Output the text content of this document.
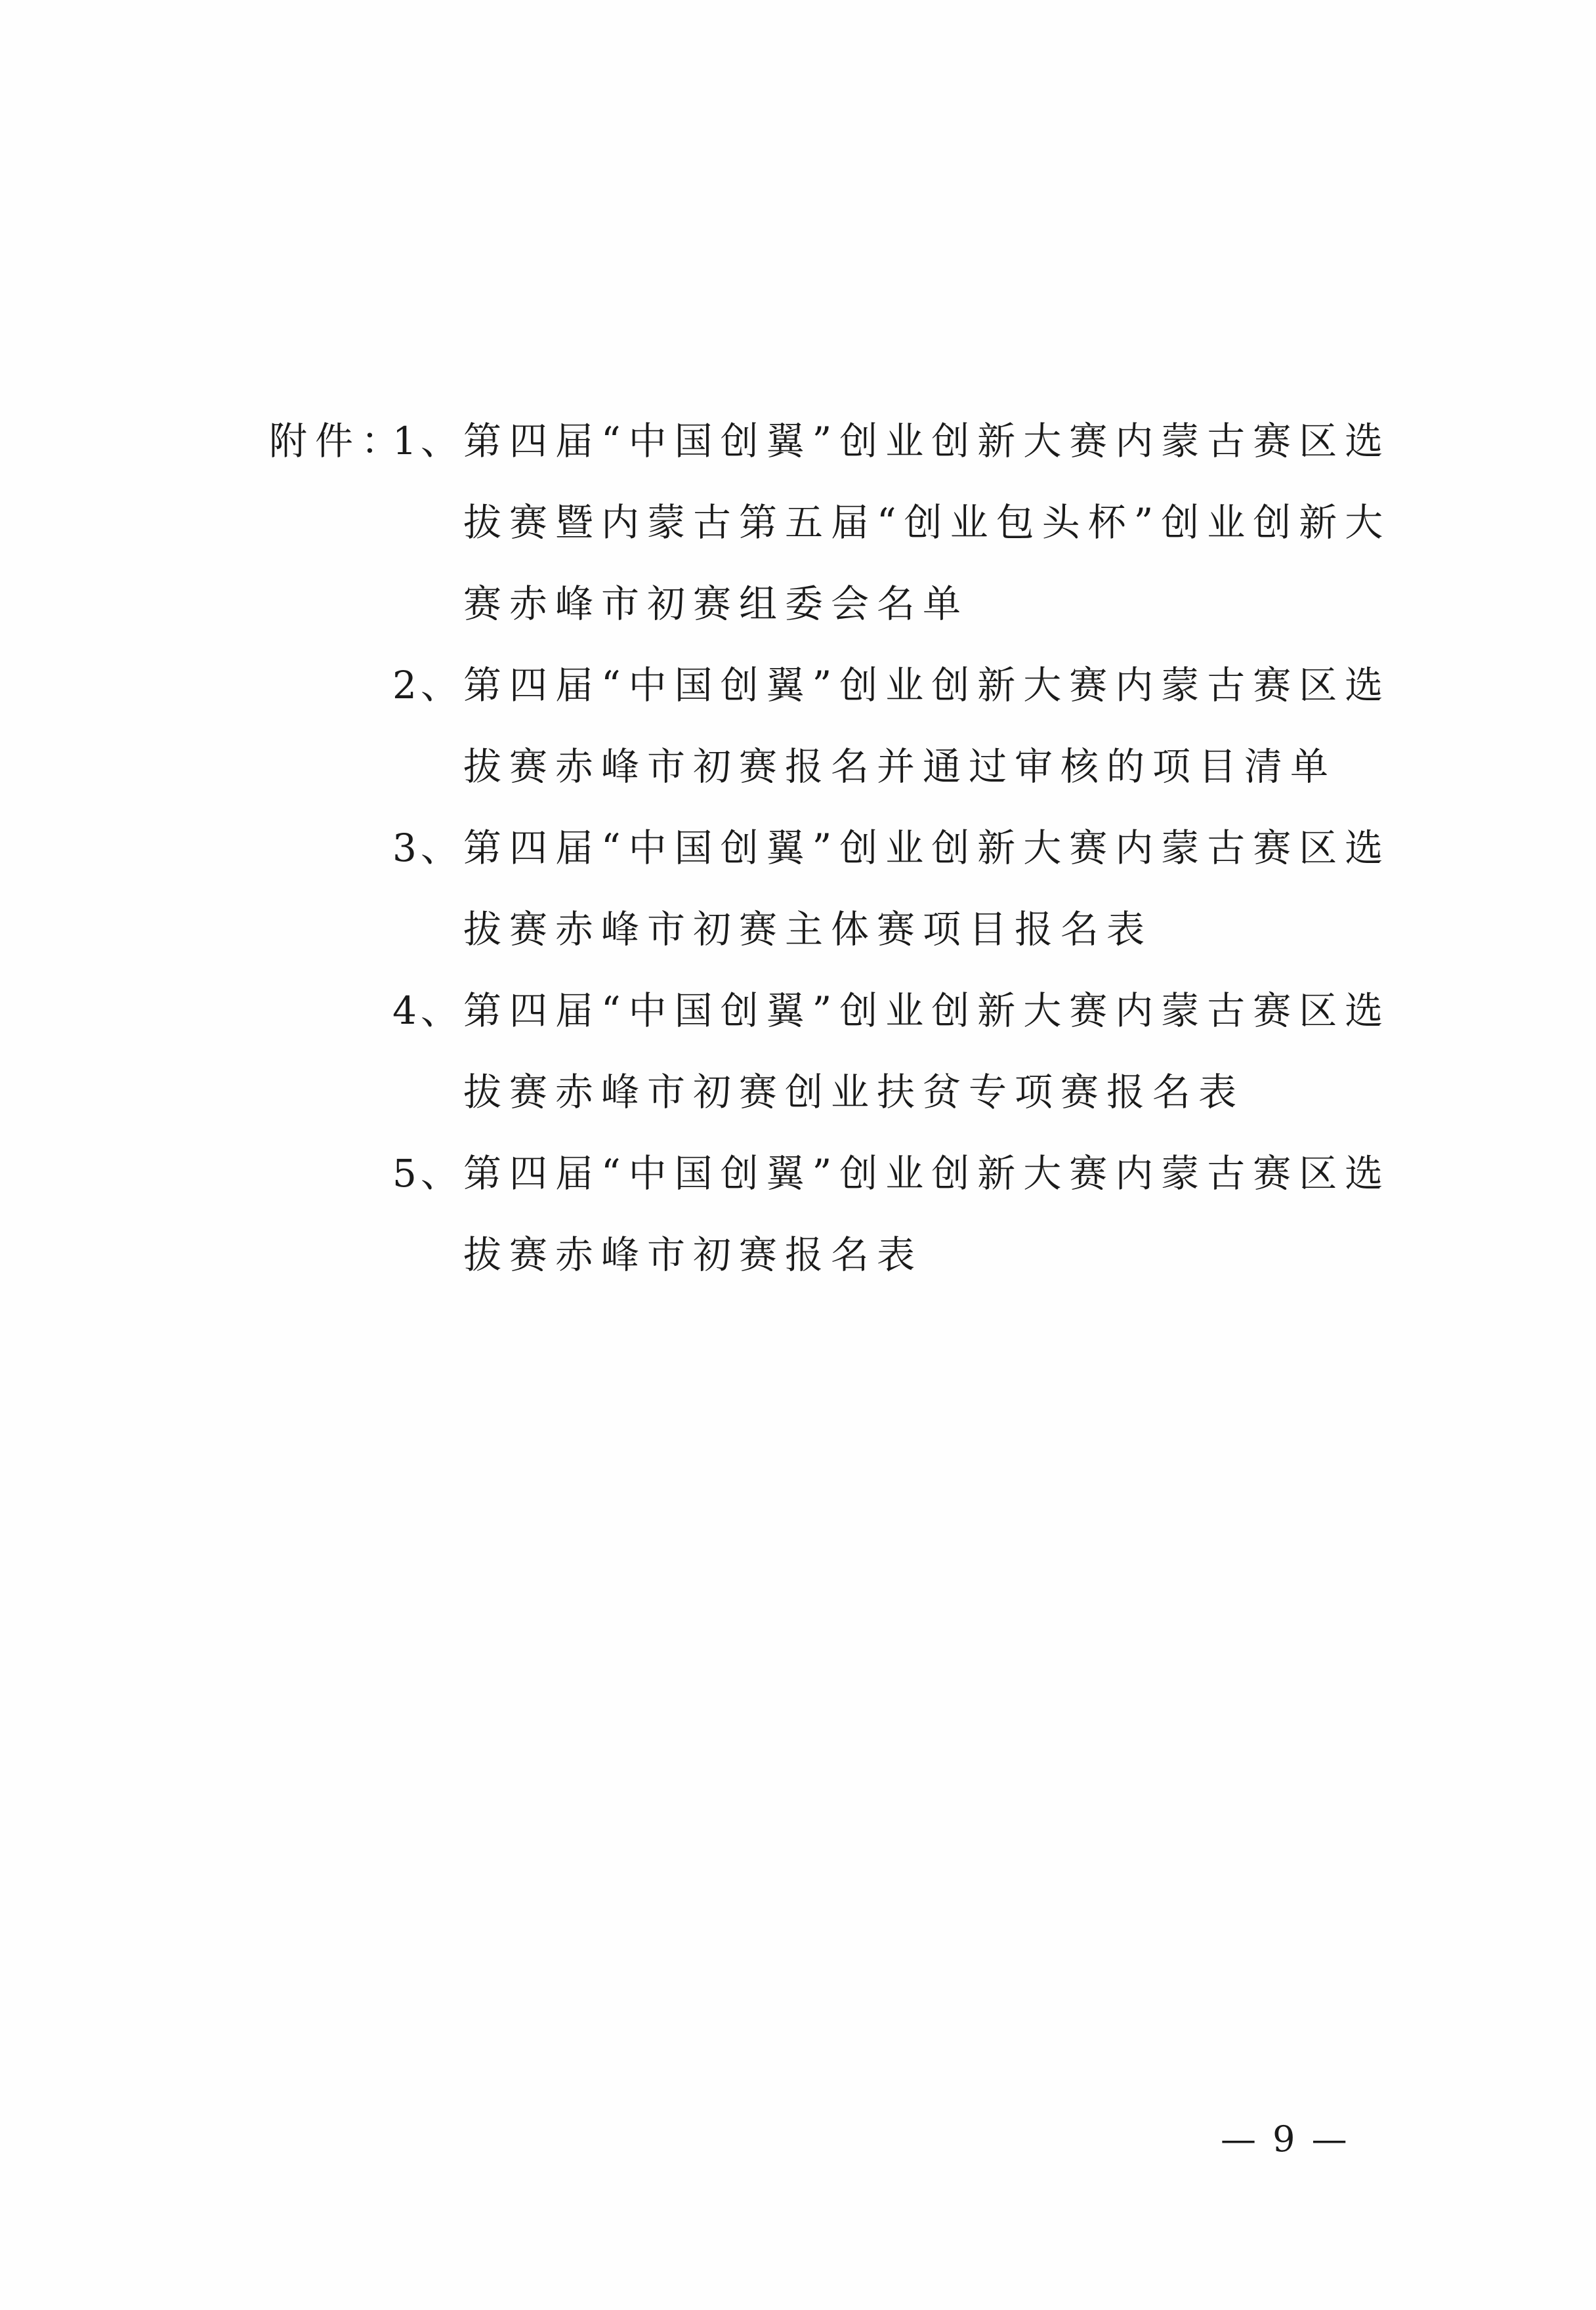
附件：
1、 第四届“中国创翼”创业创新大赛内蒙古赛区选
拔赛暨内蒙古第五届“创业包头杯”创业创新大
赛赤峰市初赛组委会名单
2、 第四届“中国创翼”创业创新大赛内蒙古赛区选
拔赛赤峰市初赛报名并通过审核的项目清单
3、 第四届“中国创翼”创业创新大赛内蒙古赛区选
拔赛赤峰市初赛主体赛项目报名表
4、 第四届“中国创翼”创业创新大赛内蒙古赛区选
拔赛赤峰市初赛创业扶贫专项赛报名表
5、 第四届“中国创翼”创业创新大赛内蒙古赛区选
拔赛赤峰市初赛报名表
— 9 —
